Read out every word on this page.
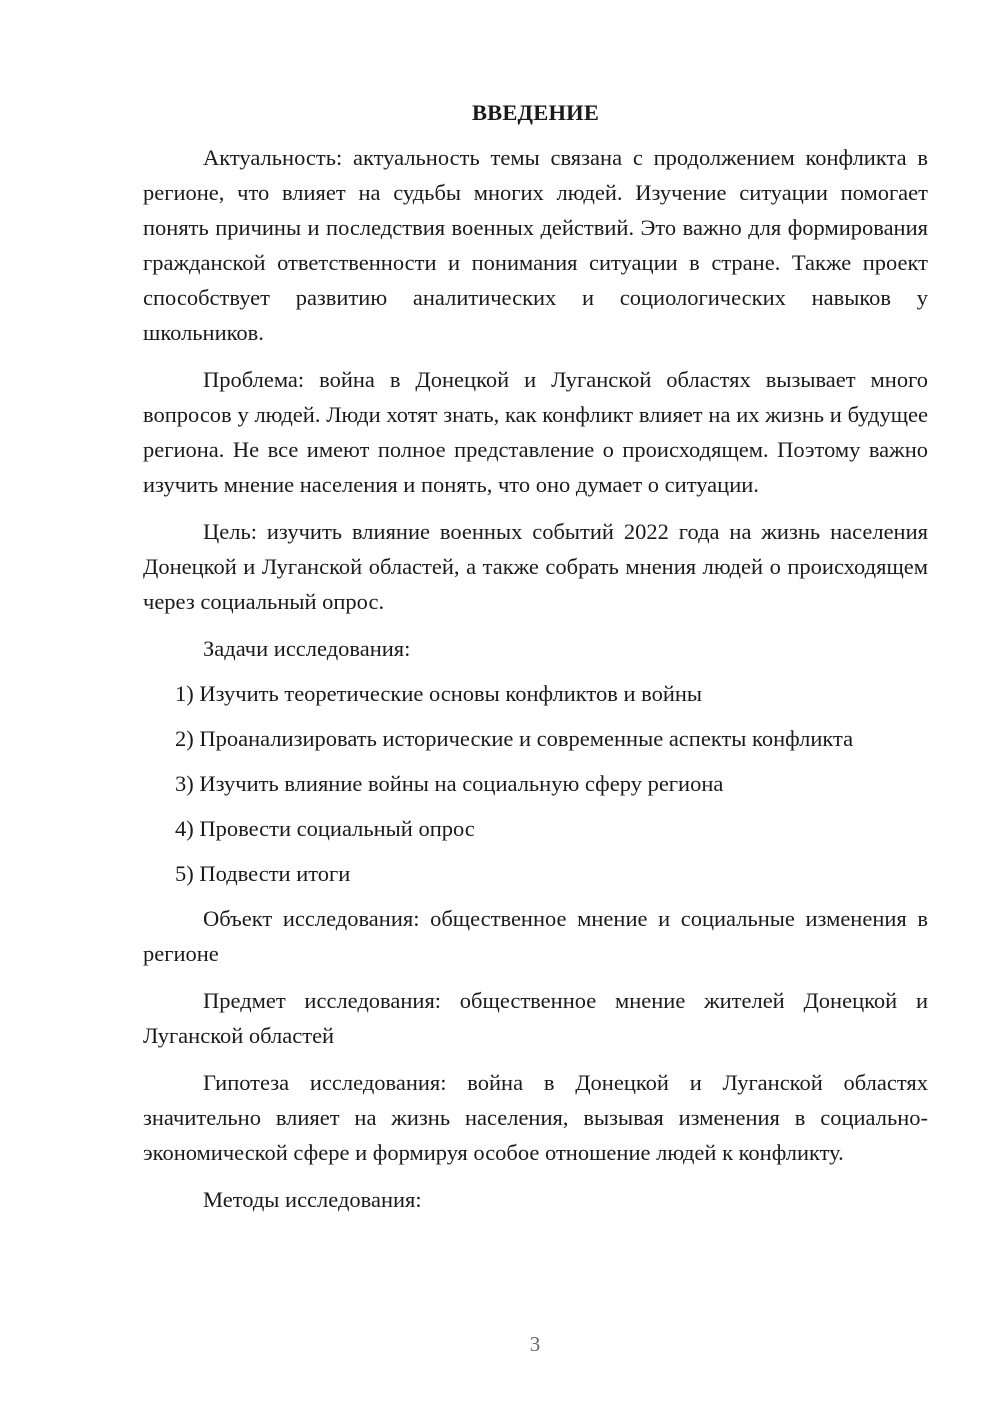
ВВЕДЕНИЕ

Актуальность: актуальность темы связана с продолжением конфликта в регионе, что влияет на судьбы многих людей. Изучение ситуации помогает понять причины и последствия военных действий. Это важно для формирования гражданской ответственности и понимания ситуации в стране. Также проект способствует развитию аналитических и социологических навыков у школьников.

Проблема: война в Донецкой и Луганской областях вызывает много вопросов у людей. Люди хотят знать, как конфликт влияет на их жизнь и будущее региона. Не все имеют полное представление о происходящем. Поэтому важно изучить мнение населения и понять, что оно думает о ситуации.

Цель: изучить влияние военных событий 2022 года на жизнь населения Донецкой и Луганской областей, а также собрать мнения людей о происходящем через социальный опрос.

Задачи исследования:

1) Изучить теоретические основы конфликтов и войны
2) Проанализировать исторические и современные аспекты конфликта
3) Изучить влияние войны на социальную сферу региона
4) Провести социальный опрос
5) Подвести итоги

Объект исследования: общественное мнение и социальные изменения в регионе

Предмет исследования: общественное мнение жителей Донецкой и Луганской областей

Гипотеза исследования: война в Донецкой и Луганской областях значительно влияет на жизнь населения, вызывая изменения в социально-экономической сфере и формируя особое отношение людей к конфликту.

Методы исследования:

3
